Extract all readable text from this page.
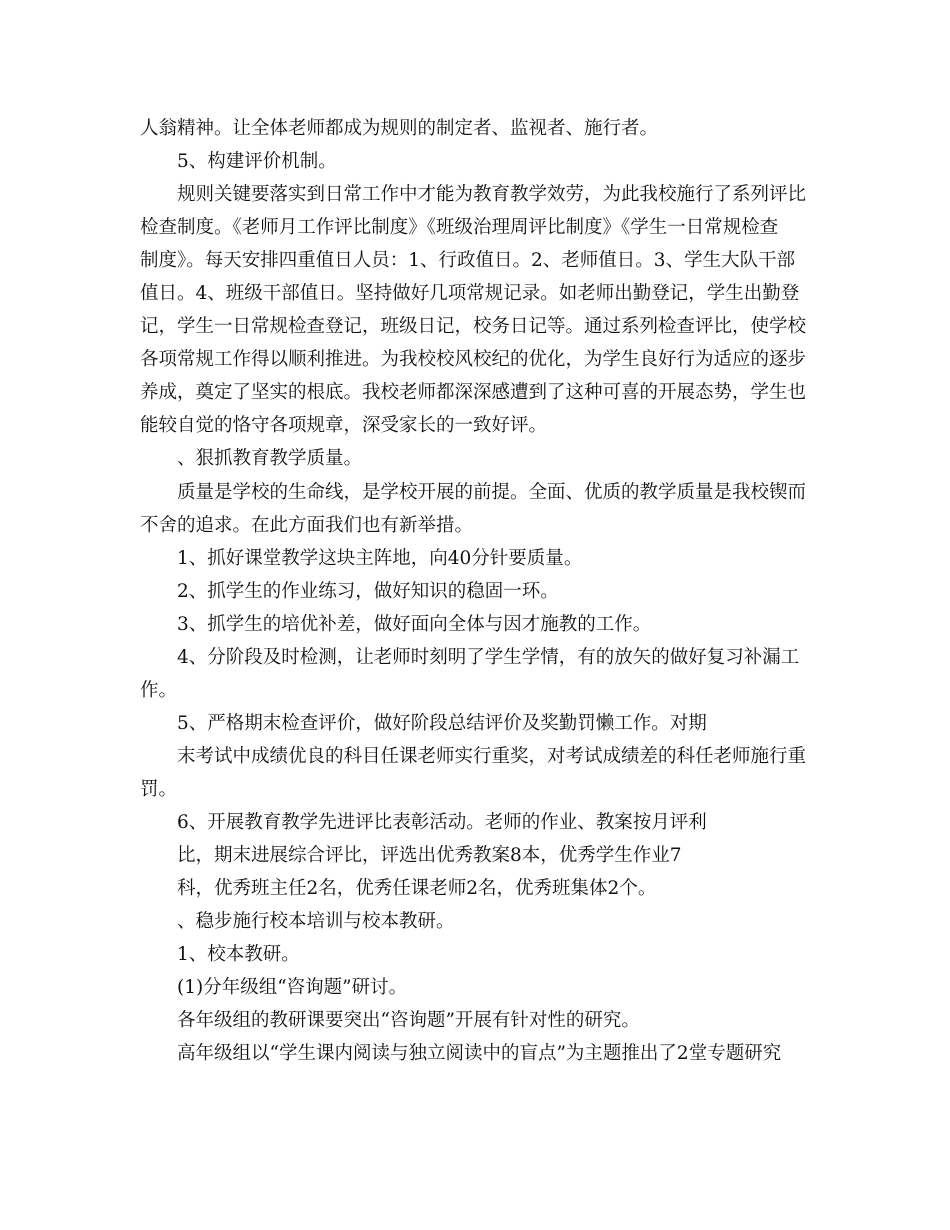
人翁精神。让全体老师都成为规则的制定者、监视者、施行者。
5、构建评价机制。
规则关键要落实到日常工作中才能为教育教学效劳，为此我校施行了系列评比
检查制度。《老师月工作评比制度》《班级治理周评比制度》《学生一日常规检查
制度》。每天安排四重值日人员：1、行政值日。2、老师值日。3、学生大队干部
值日。4、班级干部值日。坚持做好几项常规记录。如老师出勤登记，学生出勤登
记，学生一日常规检查登记，班级日记，校务日记等。通过系列检查评比，使学校
各项常规工作得以顺利推进。为我校校风校纪的优化，为学生良好行为适应的逐步
养成，奠定了坚实的根底。我校老师都深深感遭到了这种可喜的开展态势，学生也
能较自觉的恪守各项规章，深受家长的一致好评。
、狠抓教育教学质量。
质量是学校的生命线，是学校开展的前提。全面、优质的教学质量是我校锲而
不舍的追求。在此方面我们也有新举措。
1、抓好课堂教学这块主阵地，向40分针要质量。
2、抓学生的作业练习，做好知识的稳固一环。
3、抓学生的培优补差，做好面向全体与因才施教的工作。
4、分阶段及时检测，让老师时刻明了学生学情，有的放矢的做好复习补漏工
作。
5、严格期末检查评价，做好阶段总结评价及奖勤罚懒工作。对期
末考试中成绩优良的科目任课老师实行重奖，对考试成绩差的科任老师施行重
罚。
6、开展教育教学先进评比表彰活动。老师的作业、教案按月评利
比，期末进展综合评比，评选出优秀教案8本，优秀学生作业7
科，优秀班主任2名，优秀任课老师2名，优秀班集体2个。
、稳步施行校本培训与校本教研。
1、校本教研。
(1)分年级组“咨询题”研讨。
各年级组的教研课要突出“咨询题”开展有针对性的研究。
高年级组以“学生课内阅读与独立阅读中的盲点”为主题推出了2堂专题研究
